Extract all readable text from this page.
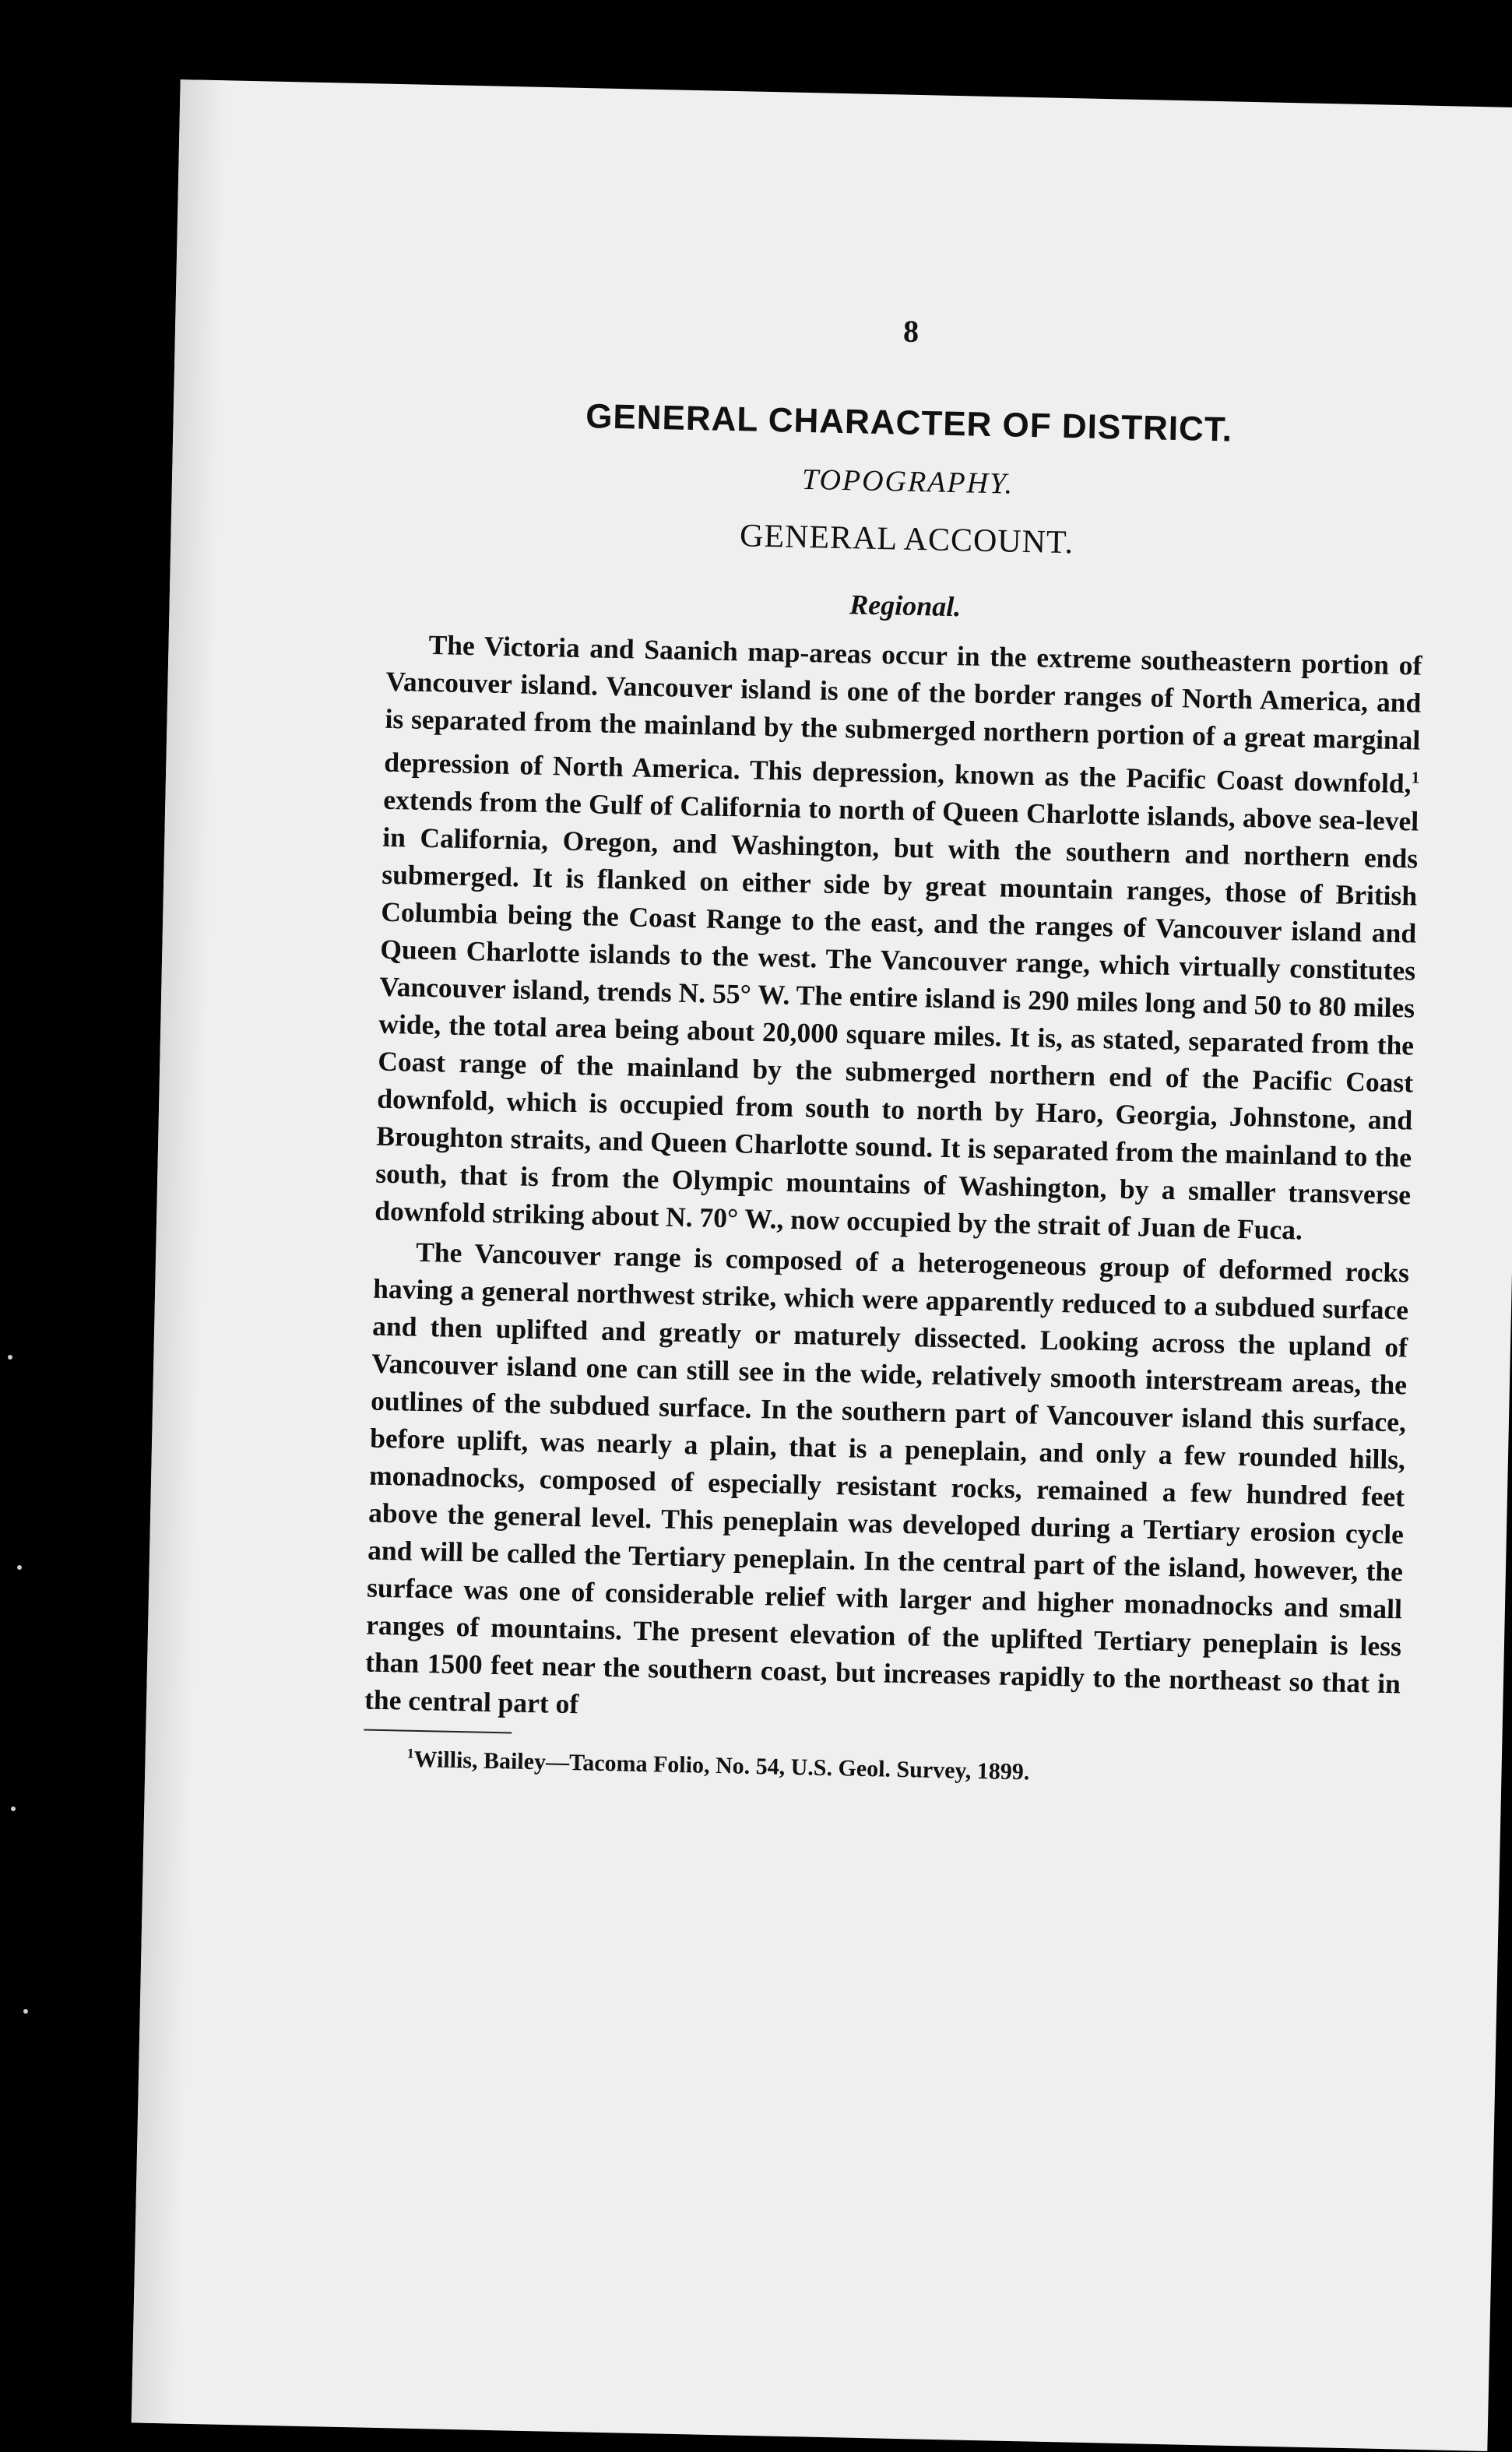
8
GENERAL CHARACTER OF DISTRICT.
TOPOGRAPHY.
GENERAL ACCOUNT.
Regional.

The Victoria and Saanich map-areas occur in the extreme southeastern portion of Vancouver island. Vancouver island is one of the border ranges of North America, and is separated from the mainland by the submerged northern portion of a great marginal depression of North America. This depression, known as the Pacific Coast downfold,$^1$ extends from the Gulf of California to north of Queen Charlotte islands, above sea-level in California, Oregon, and Washington, but with the southern and northern ends submerged. It is flanked on either side by great mountain ranges, those of British Columbia being the Coast Range to the east, and the ranges of Vancouver island and Queen Charlotte islands to the west. The Vancouver range, which virtually constitutes Vancouver island, trends N. 55° W. The entire island is 290 miles long and 50 to 80 miles wide, the total area being about 20,000 square miles. It is, as stated, separated from the Coast range of the mainland by the submerged northern end of the Pacific Coast downfold, which is occupied from south to north by Haro, Georgia, Johnstone, and Broughton straits, and Queen Charlotte sound. It is separated from the mainland to the south, that is from the Olympic mountains of Washington, by a smaller transverse downfold striking about N. 70° W., now occupied by the strait of Juan de Fuca.

The Vancouver range is composed of a heterogeneous group of deformed rocks having a general northwest strike, which were apparently reduced to a subdued surface and then uplifted and greatly or maturely dissected. Looking across the upland of Vancouver island one can still see in the wide, relatively smooth interstream areas, the outlines of the subdued surface. In the southern part of Vancouver island this surface, before uplift, was nearly a plain, that is a peneplain, and only a few rounded hills, monadnocks, composed of especially resistant rocks, remained a few hundred feet above the general level. This peneplain was developed during a Tertiary erosion cycle and will be called the Tertiary peneplain. In the central part of the island, however, the surface was one of considerable relief with larger and higher monadnocks and small ranges of mountains. The present elevation of the uplifted Tertiary peneplain is less than 1500 feet near the southern coast, but increases rapidly to the northeast so that in the central part of

$^1$Willis, Bailey—Tacoma Folio, No. 54, U.S. Geol. Survey, 1899.
